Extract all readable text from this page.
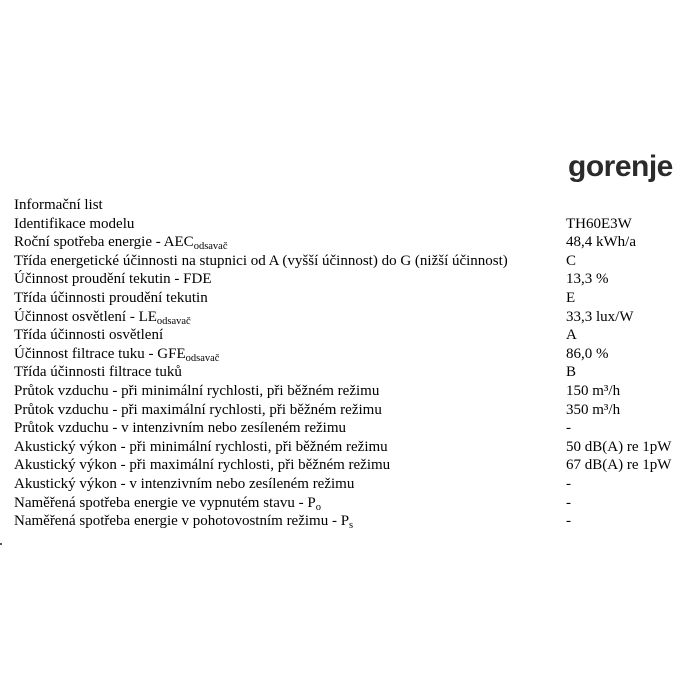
gorenje
Informační list
Identifikace modelu	TH60E3W
Roční spotřeba energie - $AEC_{odsavač}$	48,4 kWh/a
Třída energetické účinnosti na stupnici od A (vyšší účinnost) do G (nižší účinnost)	C
Účinnost proudění tekutin - FDE	13,3 %
Třída účinnosti proudění tekutin	E
Účinnost osvětlení - $LE_{odsavač}$	33,3 lux/W
Třída účinnosti osvětlení	A
Účinnost filtrace tuku - $GFE_{odsavač}$	86,0 %
Třída účinnosti filtrace tuků	B
Průtok vzduchu - při minimální rychlosti, při běžném režimu	150 m³/h
Průtok vzduchu - při maximální rychlosti, při běžném režimu	350 m³/h
Průtok vzduchu - v intenzivním nebo zesíleném režimu	-
Akustický výkon - při minimální rychlosti, při běžném režimu	50 dB(A) re 1pW
Akustický výkon - při maximální rychlosti, při běžném režimu	67 dB(A) re 1pW
Akustický výkon - v intenzivním nebo zesíleném režimu	-
Naměřená spotřeba energie ve vypnutém stavu - $P_o$	-
Naměřená spotřeba energie v pohotovostním režimu - $P_s$	-
